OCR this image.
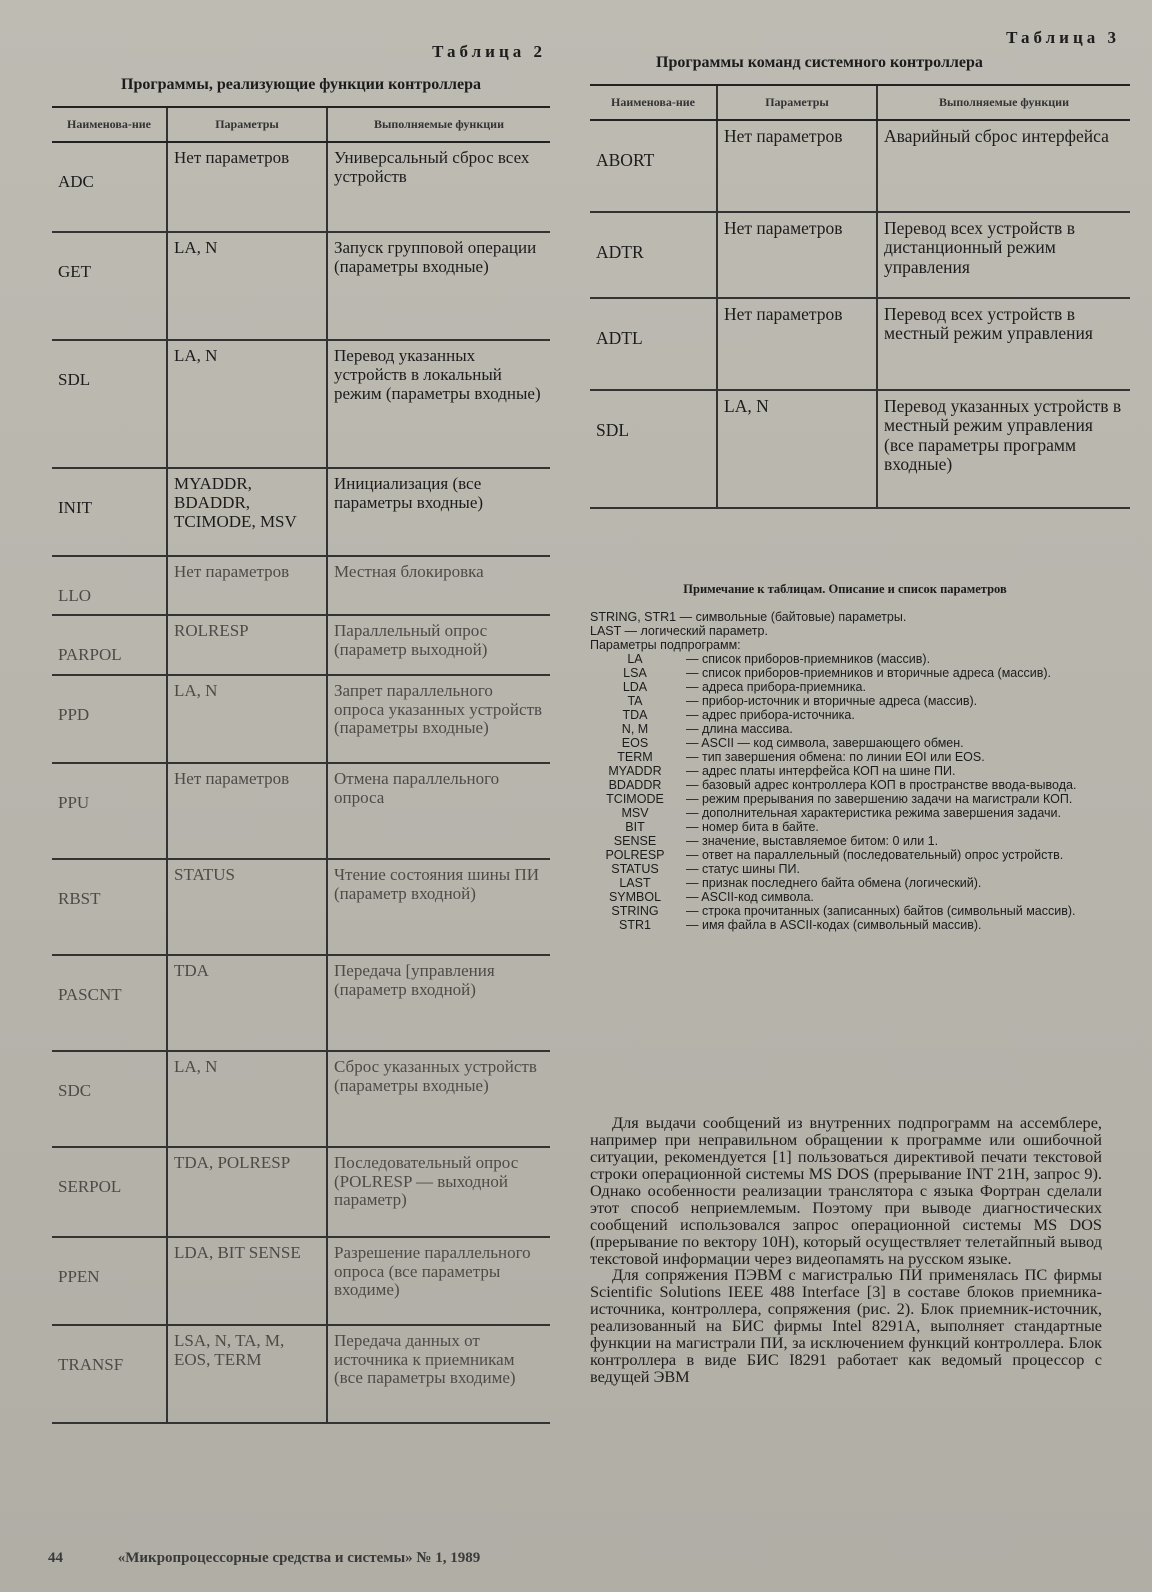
Таблица 2
Программы, реализующие функции контроллера
Наименова-ние	Параметры	Выполняемые функции
ADC	Нет параметров	Универсальный сброс всех устройств
GET	LA, N	Запуск групповой операции (параметры входные)
SDL	LA, N	Перевод указанных устройств в локальный режим (параметры входные)
INIT	MYADDR, BDADDR, TCIMODE, MSV	Инициализация (все параметры входные)
LLO	Нет параметров	Местная блокировка
PARPOL	ROLRESP	Параллельный опрос (параметр выходной)
PPD	LA, N	Запрет параллельного опроса указанных устройств (параметры входные)
PPU	Нет параметров	Отмена параллельного опроса
RBST	STATUS	Чтение состояния шины ПИ (параметр входной)
PASCNT	TDA	Передача [управления (параметр входной)
SDC	LA, N	Сброс указанных устройств (параметры входные)
SERPOL	TDA, POLRESP	Последовательный опрос (POLRESP — выходной параметр)
PPEN	LDA, BIT SENSE	Разрешение параллельного опроса (все параметры входиме)
TRANSF	LSA, N, TA, M, EOS, TERM	Передача данных от источника к приемникам (все параметры входиме)
Таблица 3
Программы команд системного контроллера
Наименова-ние	Параметры	Выполняемые функции
ABORT	Нет параметров	Аварийный сброс интерфейса
ADTR	Нет параметров	Перевод всех устройств в дистанционный режим управления
ADTL	Нет параметров	Перевод всех устройств в местный режим управления
SDL	LA, N	Перевод указанных устройств в местный режим управления (все параметры программ входные)
Примечание к таблицам. Описание и список параметров
STRING, STR1 — символьные (байтовые) параметры.
LAST — логический параметр.
Параметры подпрограмм:
LA	— список приборов-приемников (массив).
LSA	— список приборов-приемников и вторичные адреса (массив).
LDA	— адреса прибора-приемника.
TA	— прибор-источник и вторичные адреса (массив).
TDA	— адрес прибора-источника.
N, M	— длина массива.
EOS	— ASCII — код символа, завершающего обмен.
TERM	— тип завершения обмена: по линии EOI или EOS.
MYADDR	— адрес платы интерфейса КОП на шине ПИ.
BDADDR	— базовый адрес контроллера КОП в пространстве ввода-вывода.
TCIMODE	— режим прерывания по завершению задачи на магистрали КОП.
MSV	— дополнительная характеристика режима завершения задачи.
BIT	— номер бита в байте.
SENSE	— значение, выставляемое битом: 0 или 1.
POLRESP	— ответ на параллельный (последовательный) опрос устройств.
STATUS	— статус шины ПИ.
LAST	— признак последнего байта обмена (логический).
SYMBOL	— ASCII-код символа.
STRING	— строка прочитанных (записанных) байтов (символьный массив).
STR1	— имя файла в ASCII-кодах (символьный массив).

Для выдачи сообщений из внутренних подпрограмм на ассемблере, например при неправильном обращении к программе или ошибочной ситуации, рекомендуется [1] пользоваться директивой печати текстовой строки операционной системы MS DOS (прерывание INT 21H, запрос 9). Однако особенности реализации транслятора с языка Фортран сделали этот способ неприемлемым. Поэтому при выводе диагностических сообщений использовался запрос операционной системы MS DOS (прерывание по вектору 10H), который осуществляет телетайпный вывод текстовой информации через видеопамять на русском языке.

Для сопряжения ПЭВМ с магистралью ПИ применялась ПС фирмы Scientific Solutions IEEE 488 Interface [3] в составе блоков приемника-источника, контроллера, сопряжения (рис. 2). Блок приемник-источник, реализованный на БИС фирмы Intel 8291A, выполняет стандартные функции на магистрали ПИ, за исключением функций контроллера. Блок контроллера в виде БИС I8291 работает как ведомый процессор с ведущей ЭВМ

44	«Микропроцессорные средства и системы» № 1, 1989
